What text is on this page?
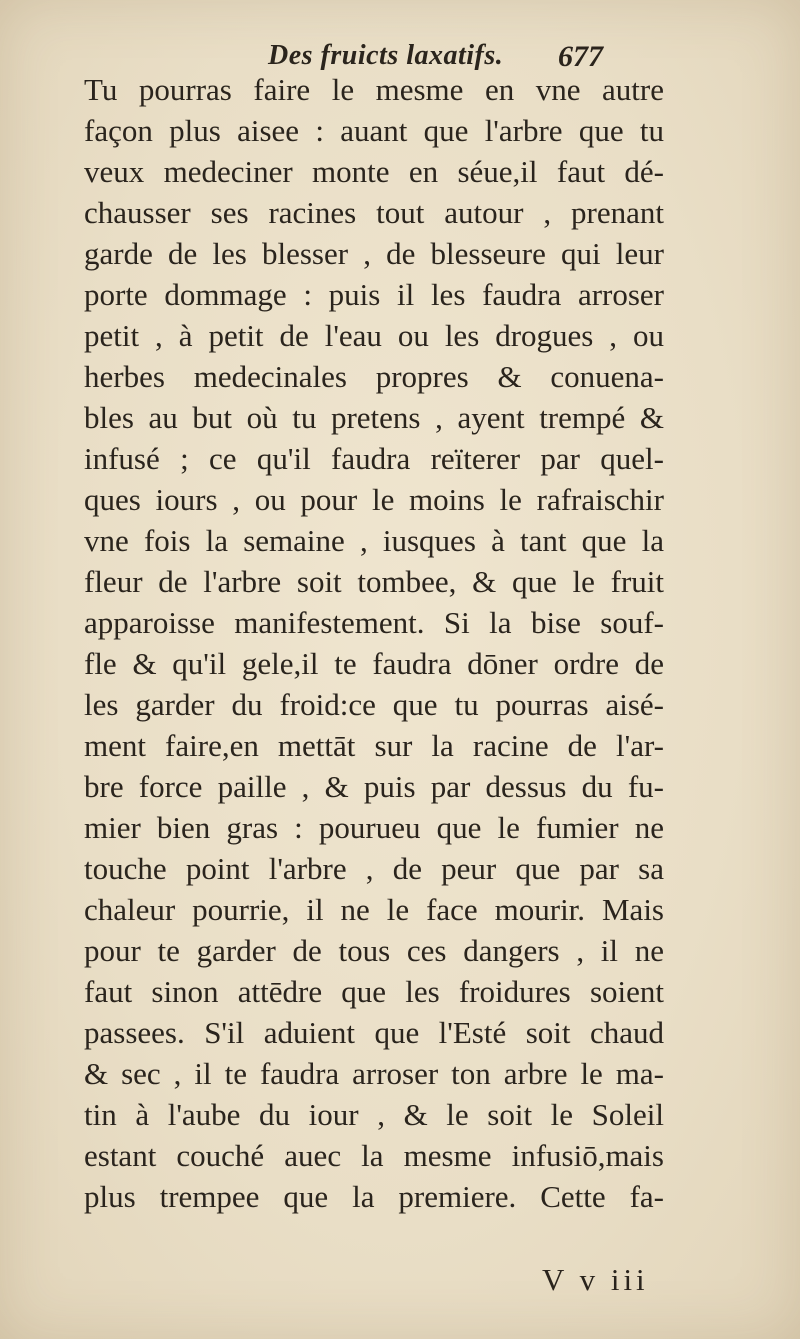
Des fruicts laxatifs. 677
Tu pourras faire le mesme en vne autre
façon plus aisee : auant que l'arbre que tu
veux medeciner monte en séue,il faut dé-
chausser ses racines tout autour , prenant
garde de les blesser , de blesseure qui leur
porte dommage : puis il les faudra arroser
petit , à petit de l'eau ou les drogues , ou
herbes medecinales propres & conuena-
bles au but où tu pretens , ayent trempé &
infusé ; ce qu'il faudra reïterer par quel-
ques iours , ou pour le moins le rafraischir
vne fois la semaine , iusques à tant que la
fleur de l'arbre soit tombee, & que le fruit
apparoisse manifestement. Si la bise souf-
fle & qu'il gele,il te faudra dōner ordre de
les garder du froid:ce que tu pourras aisé-
ment faire,en mettāt sur la racine de l'ar-
bre force paille , & puis par dessus du fu-
mier bien gras : pourueu que le fumier ne
touche point l'arbre , de peur que par sa
chaleur pourrie, il ne le face mourir. Mais
pour te garder de tous ces dangers , il ne
faut sinon attēdre que les froidures soient
passees. S'il aduient que l'Esté soit chaud
& sec , il te faudra arroser ton arbre le ma-
tin à l'aube du iour , & le soit le Soleil
estant couché auec la mesme infusiō,mais
plus trempee que la premiere. Cette fa-
V v iii
